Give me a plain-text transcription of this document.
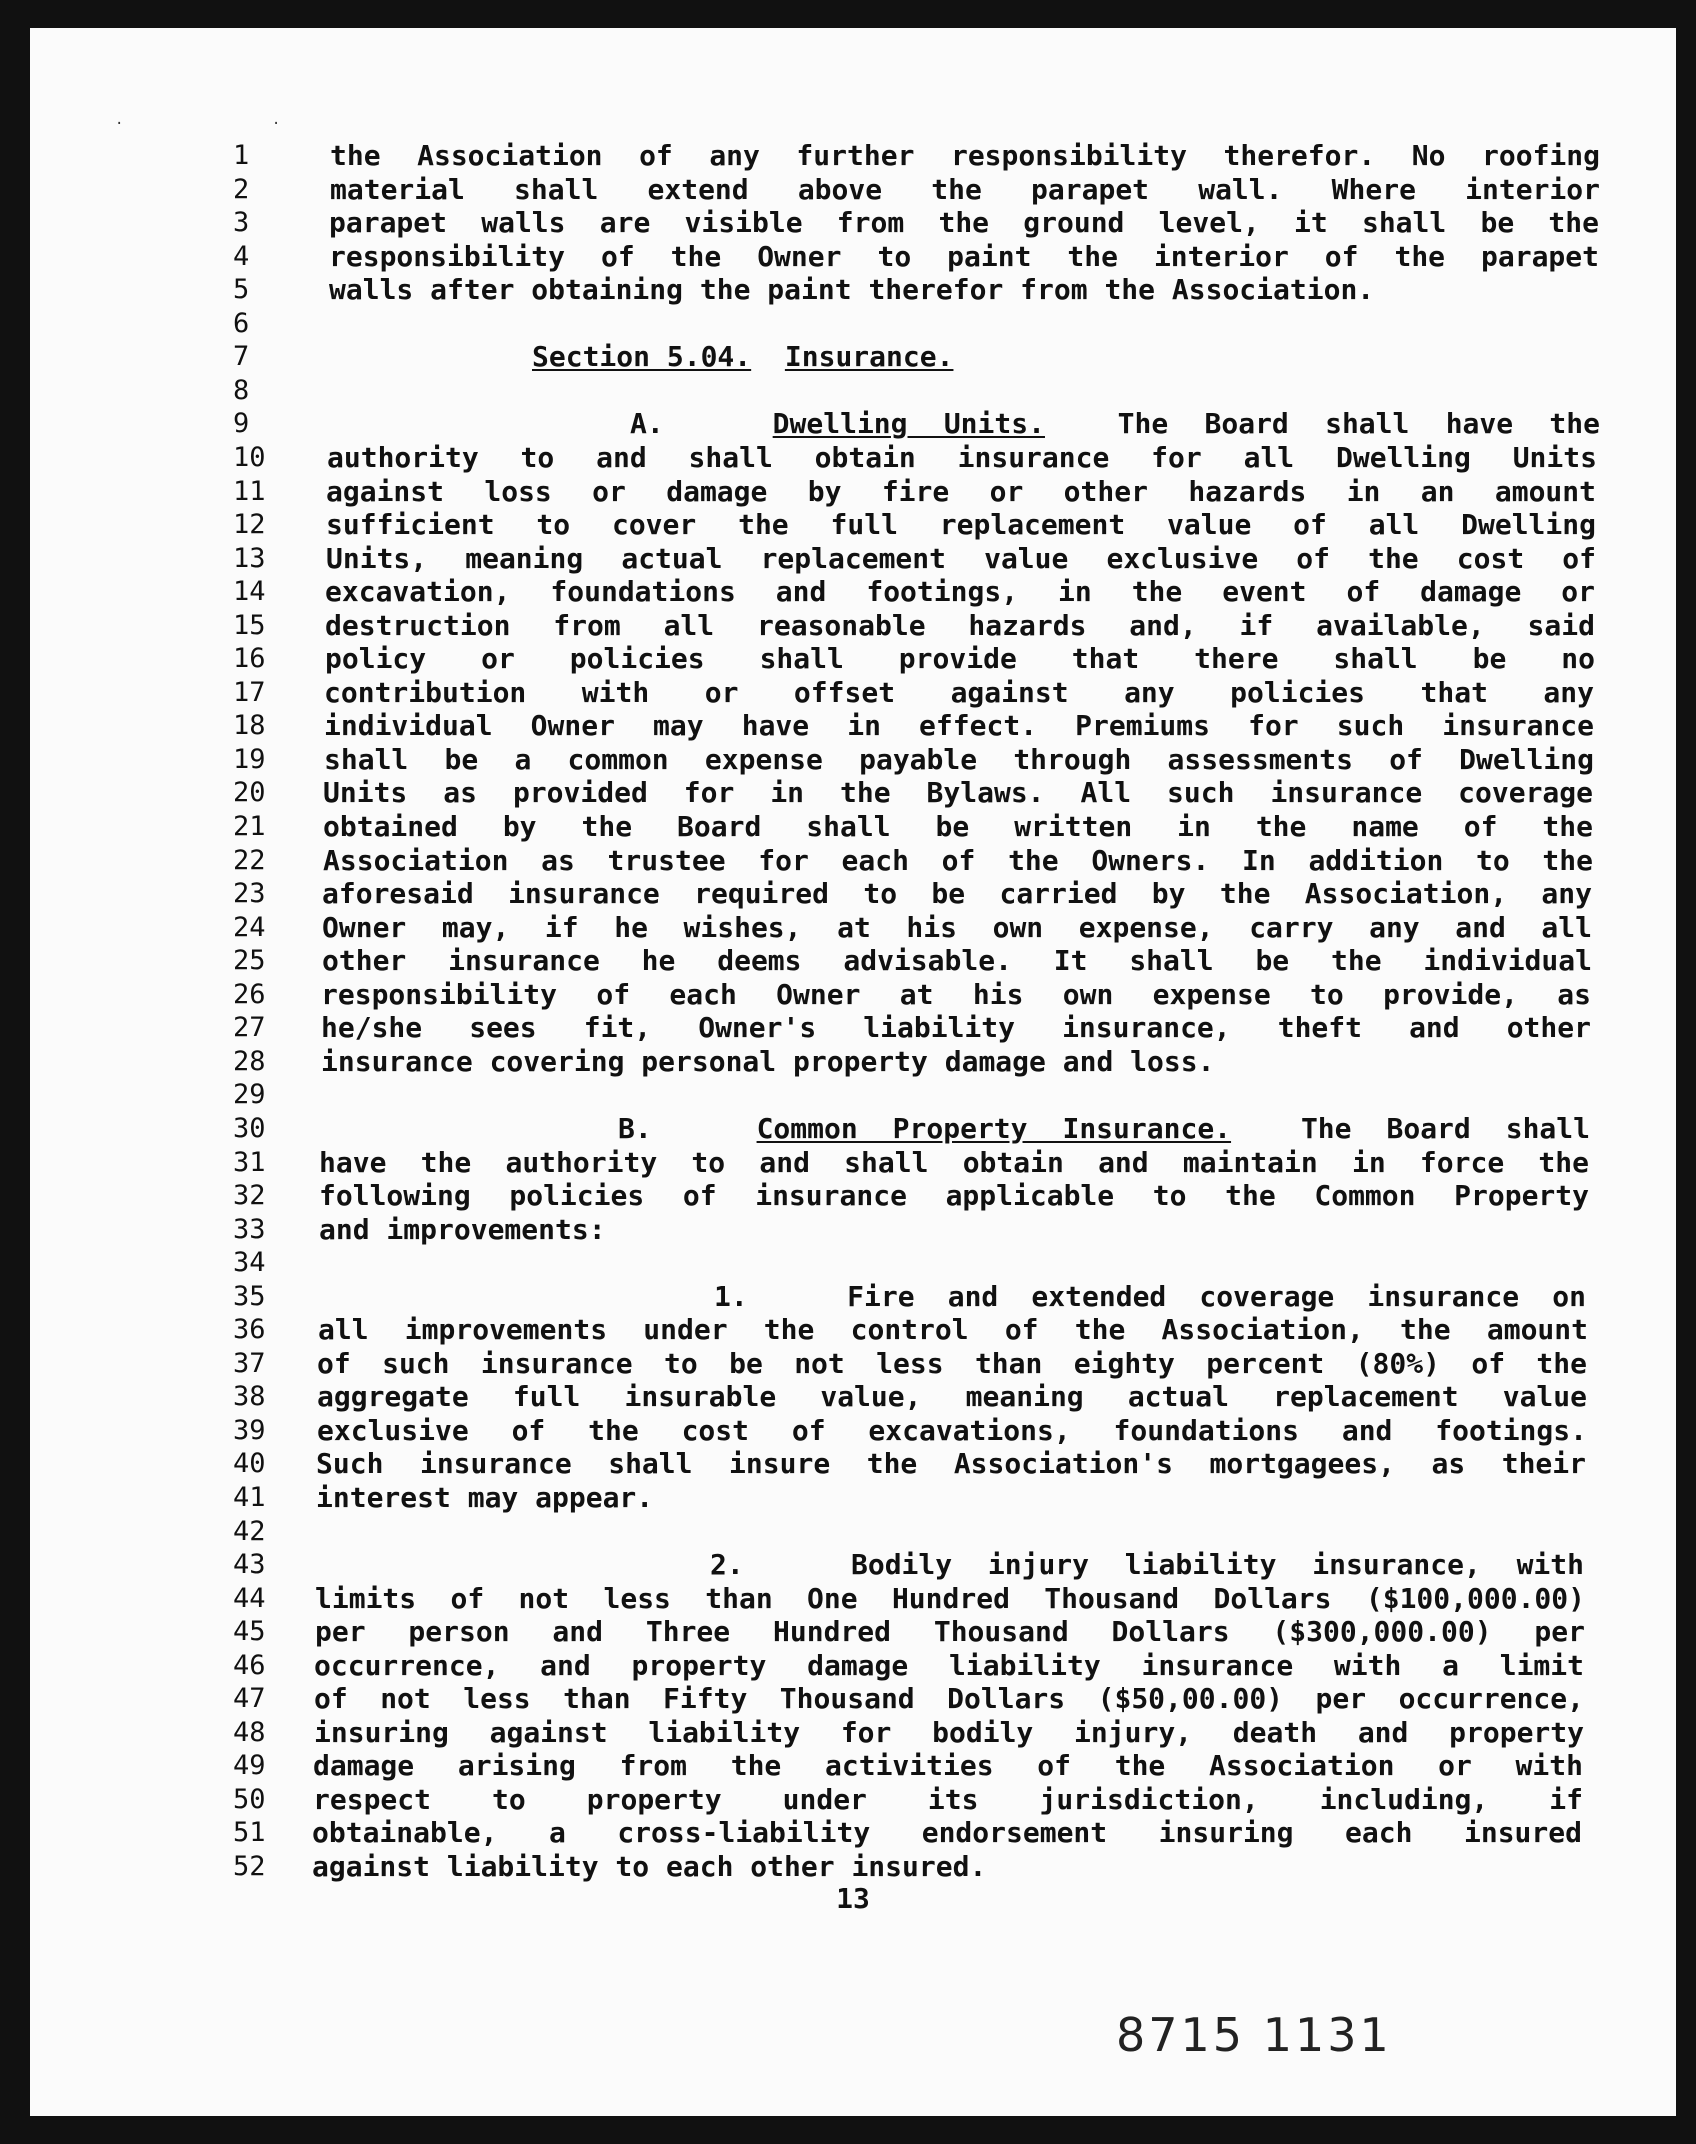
· ·
1	the Association of any further responsibility therefor. No roofing
2	material shall extend above the parapet wall. Where interior
3	parapet walls are visible from the ground level, it shall be the
4	responsibility of the Owner to paint the interior of the parapet
5	walls after obtaining the paint therefor from the Association.
6
7	Section 5.04. Insurance.
8
9	A.	Dwelling Units.	The Board shall have the
10	authority to and shall obtain insurance for all Dwelling Units
11	against loss or damage by fire or other hazards in an amount
12	sufficient to cover the full replacement value of all Dwelling
13	Units, meaning actual replacement value exclusive of the cost of
14	excavation, foundations and footings, in the event of damage or
15	destruction from all reasonable hazards and, if available, said
16	policy or policies shall provide that there shall be no
17	contribution with or offset against any policies that any
18	individual Owner may have in effect. Premiums for such insurance
19	shall be a common expense payable through assessments of Dwelling
20	Units as provided for in the Bylaws. All such insurance coverage
21	obtained by the Board shall be written in the name of the
22	Association as trustee for each of the Owners. In addition to the
23	aforesaid insurance required to be carried by the Association, any
24	Owner may, if he wishes, at his own expense, carry any and all
25	other insurance he deems advisable. It shall be the individual
26	responsibility of each Owner at his own expense to provide, as
27	he/she sees fit, Owner's liability insurance, theft and other
28	insurance covering personal property damage and loss.
29
30	B.	Common Property Insurance. The Board shall
31	have the authority to and shall obtain and maintain in force the
32	following policies of insurance applicable to the Common Property
33	and improvements:
34
35	1.	Fire and extended coverage insurance on
36	all improvements under the control of the Association, the amount
37	of such insurance to be not less than eighty percent (80%) of the
38	aggregate full insurable value, meaning actual replacement value
39	exclusive of the cost of excavations, foundations and footings.
40	Such insurance shall insure the Association's mortgagees, as their
41	interest may appear.
42
43	2.	Bodily injury liability insurance, with
44	limits of not less than One Hundred Thousand Dollars ($100,000.00)
45	per person and Three Hundred Thousand Dollars ($300,000.00) per
46	occurrence, and property damage liability insurance with a limit
47	of not less than Fifty Thousand Dollars ($50,00.00) per occurrence,
48	insuring against liability for bodily injury, death and property
49	damage arising from the activities of the Association or with
50	respect to property under its jurisdiction, including, if
51	obtainable, a cross-liability endorsement insuring each insured
52	against liability to each other insured.
13
8715 1131
